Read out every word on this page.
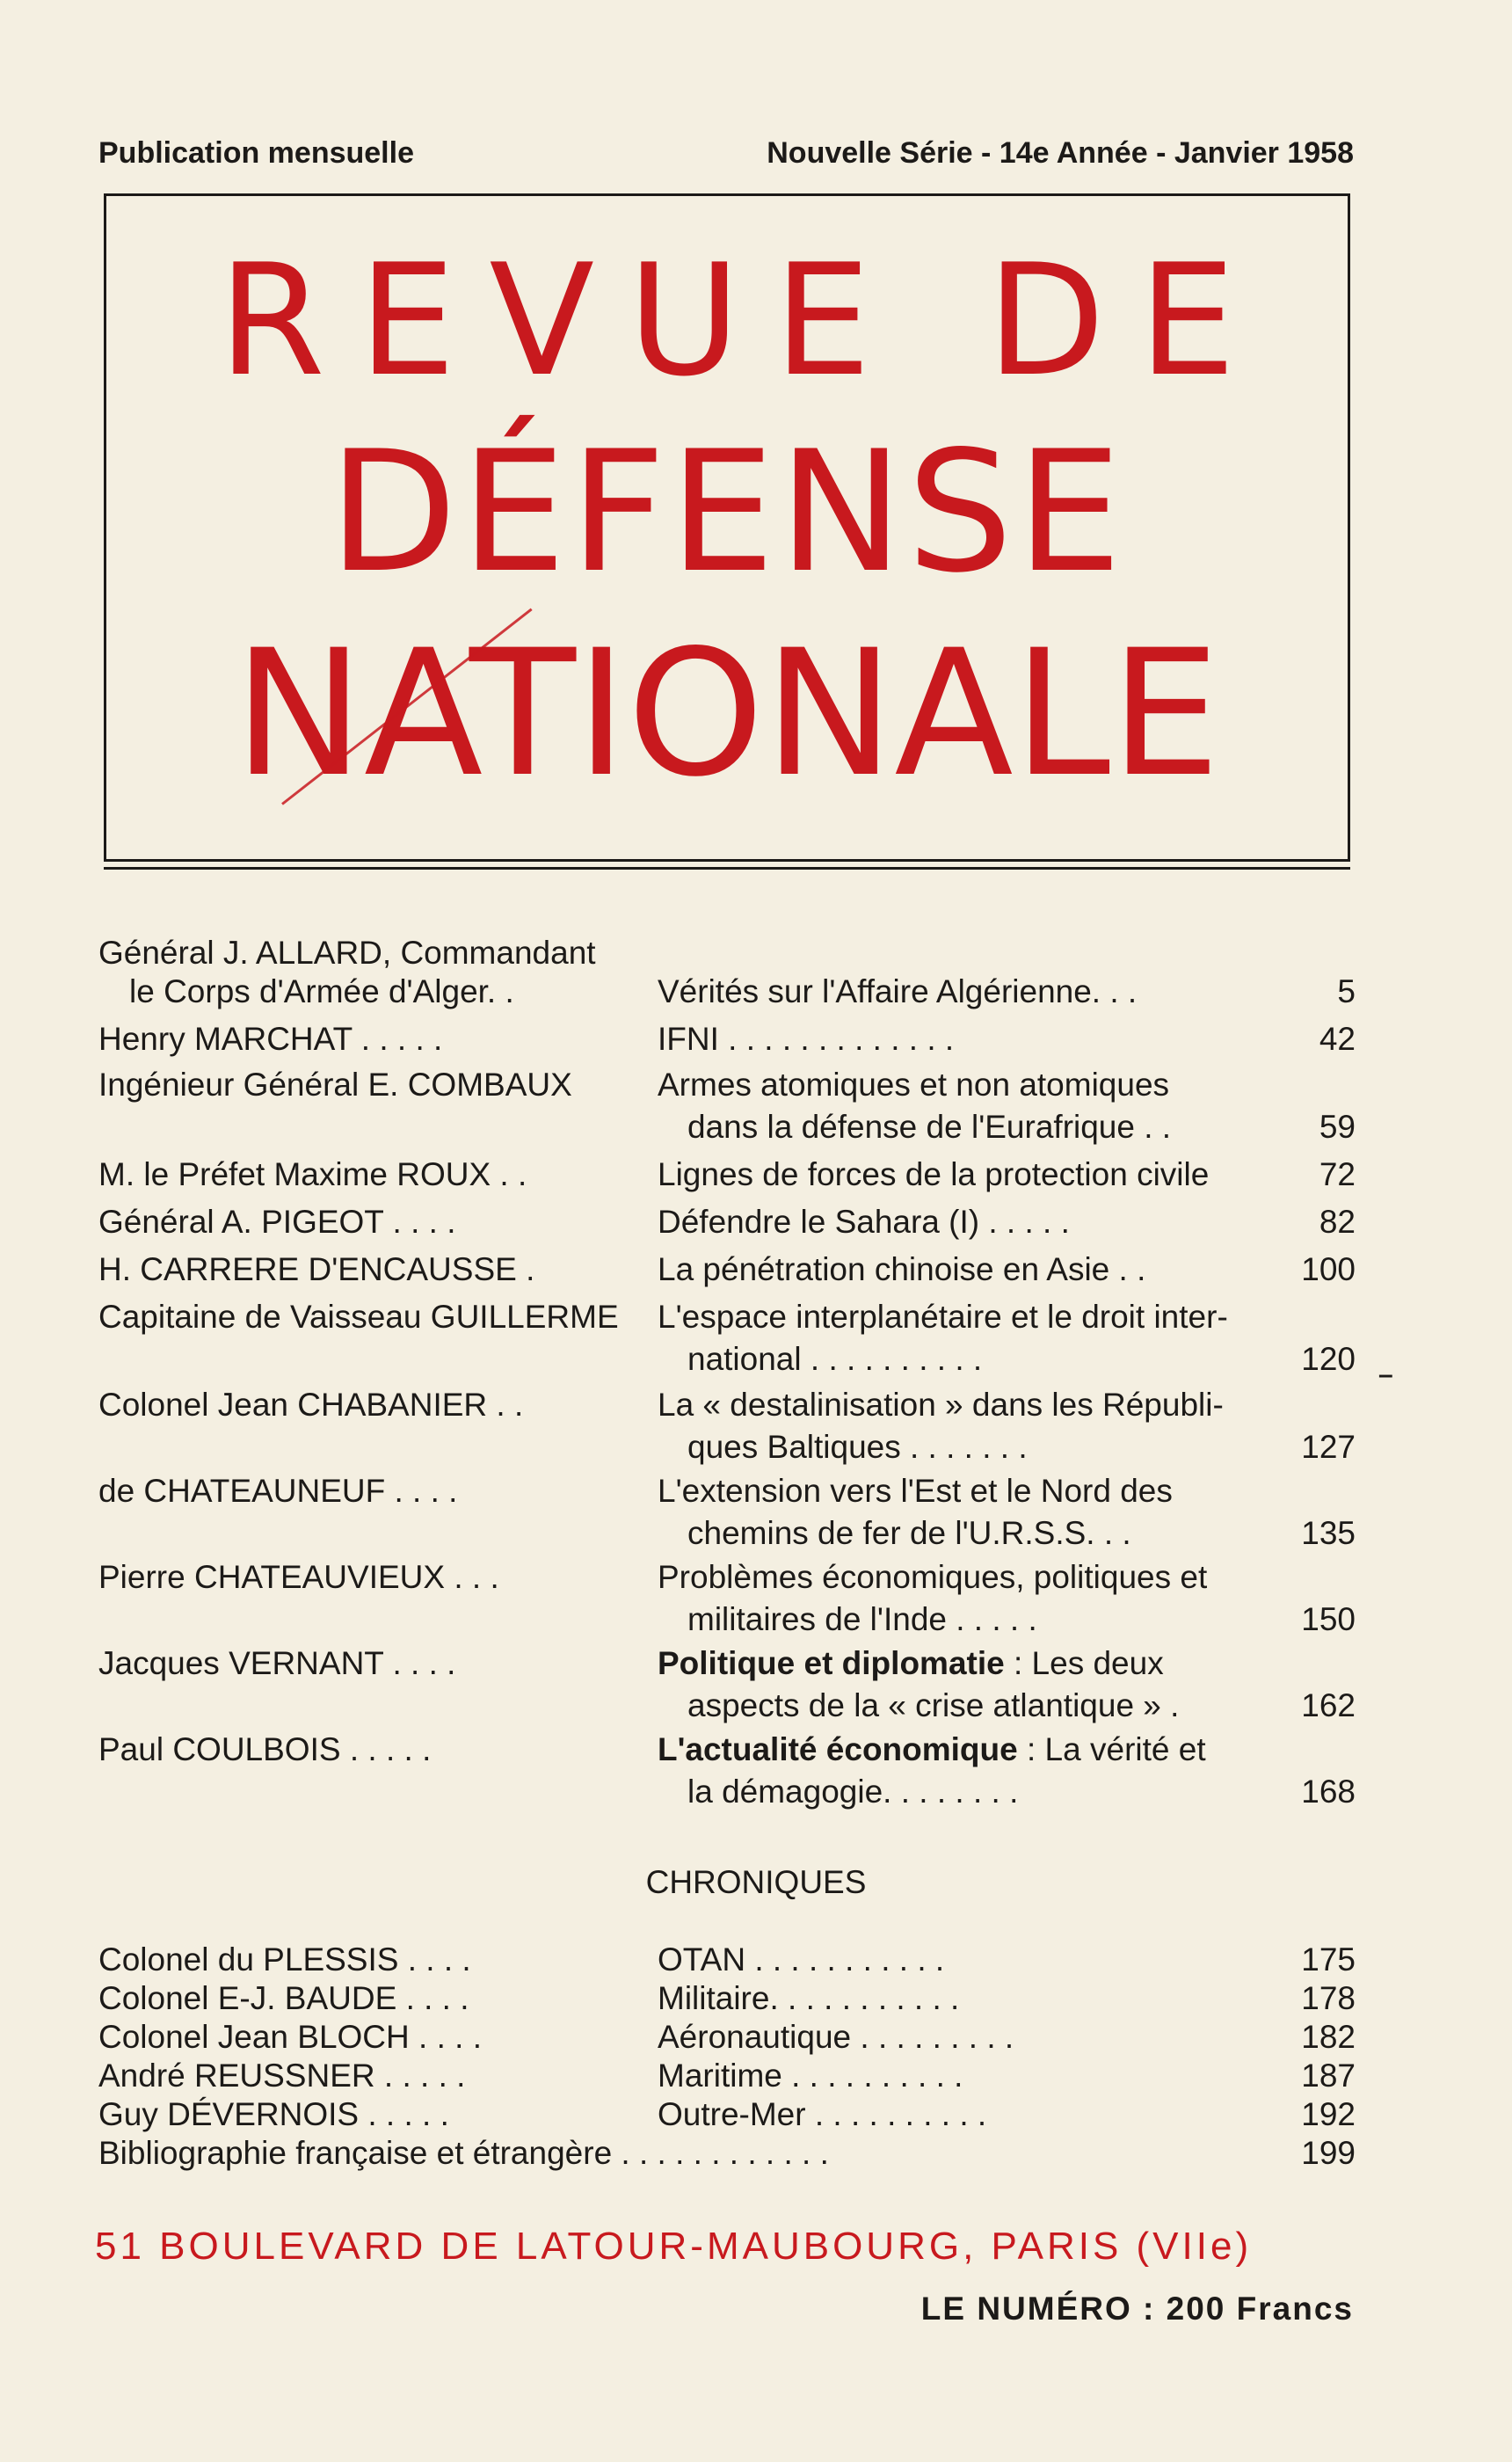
Publication mensuelle	Nouvelle Série - 14e Année - Janvier 1958
REVUE DE
DÉFENSE
NATIONALE
Général J. ALLARD, Commandant
le Corps d'Armée d'Alger. .	Vérités sur l'Affaire Algérienne. . .	5
Henry MARCHAT . . . . .	IFNI . . . . . . . . . . . . .	42
Ingénieur Général E. COMBAUX	Armes atomiques et non atomiques
dans la défense de l'Eurafrique . .	59
M. le Préfet Maxime ROUX . .	Lignes de forces de la protection civile	72
Général A. PIGEOT . . . .	Défendre le Sahara (I) . . . . .	82
H. CARRERE D'ENCAUSSE .	La pénétration chinoise en Asie . .	100
Capitaine de Vaisseau GUILLERME	L'espace interplanétaire et le droit inter-
national . . . . . . . . . .	120
Colonel Jean CHABANIER . .	La « destalinisation » dans les Républi-
ques Baltiques . . . . . . .	127
de CHATEAUNEUF . . . .	L'extension vers l'Est et le Nord des
chemins de fer de l'U.R.S.S. . .	135
Pierre CHATEAUVIEUX . . .	Problèmes économiques, politiques et
militaires de l'Inde . . . . .	150
Jacques VERNANT . . . .	Politique et diplomatie : Les deux
aspects de la « crise atlantique » .	162
Paul COULBOIS . . . . .	L'actualité économique : La vérité et
la démagogie. . . . . . . .	168
–
CHRONIQUES
Colonel du PLESSIS . . . .	OTAN . . . . . . . . . . .	175
Colonel E-J. BAUDE . . . .	Militaire. . . . . . . . . . .	178
Colonel Jean BLOCH . . . .	Aéronautique . . . . . . . . .	182
André REUSSNER . . . . .	Maritime . . . . . . . . . .	187
Guy DÉVERNOIS . . . . .	Outre-Mer . . . . . . . . . .	192
Bibliographie française et étrangère . . . . . . . . . . . .	199
51 BOULEVARD DE LATOUR-MAUBOURG, PARIS (VIIe)
LE NUMÉRO : 200 Francs
